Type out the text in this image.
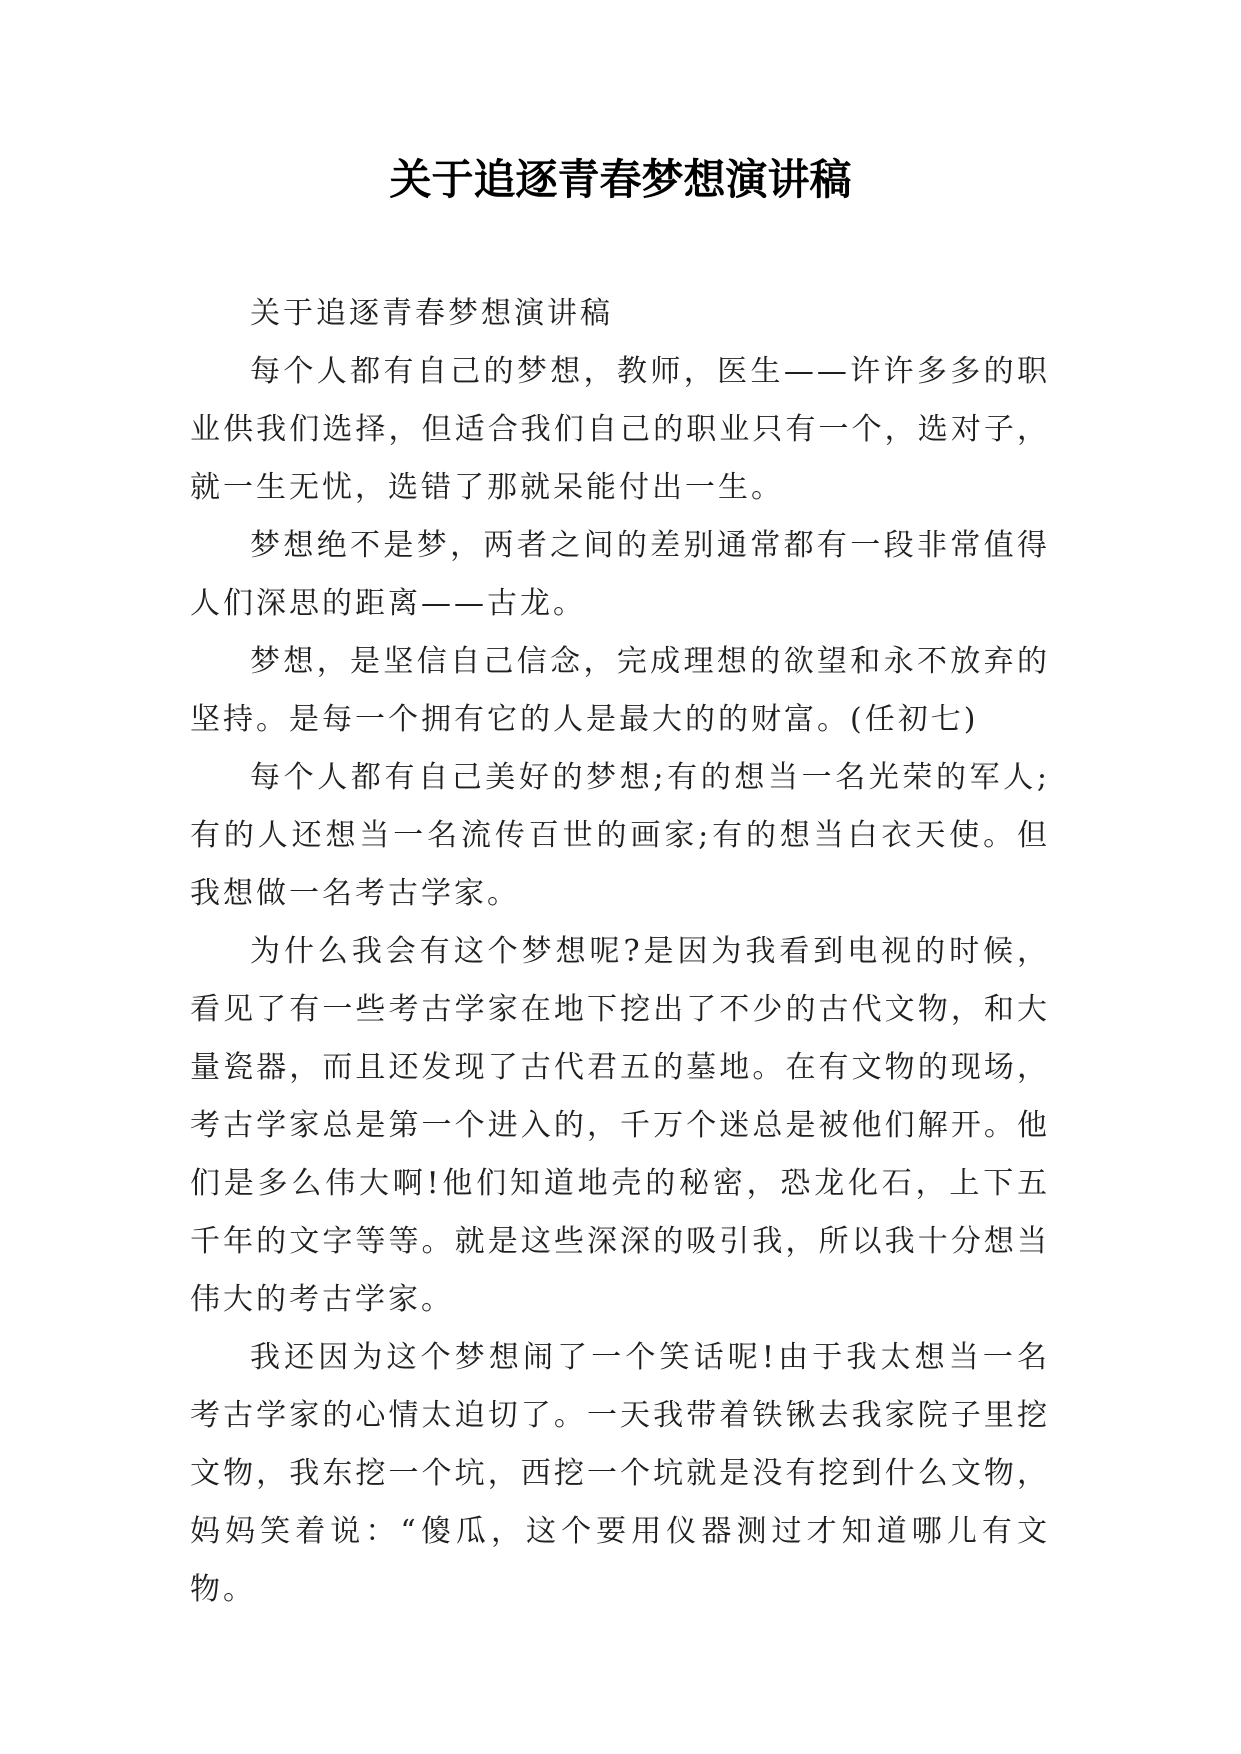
关于追逐青春梦想演讲稿

关于追逐青春梦想演讲稿

每个人都有自己的梦想，教师，医生——许许多多的职业供我们选择，但适合我们自己的职业只有一个，选对子，就一生无忧，选错了那就呆能付出一生。

梦想绝不是梦，两者之间的差别通常都有一段非常值得人们深思的距离——古龙。

梦想，是坚信自己信念，完成理想的欲望和永不放弃的坚持。是每一个拥有它的人是最大的的财富。(任初七)

每个人都有自己美好的梦想;有的想当一名光荣的军人;有的人还想当一名流传百世的画家;有的想当白衣天使。但我想做一名考古学家。

为什么我会有这个梦想呢?是因为我看到电视的时候，看见了有一些考古学家在地下挖出了不少的古代文物，和大量瓷器，而且还发现了古代君五的墓地。在有文物的现场，考古学家总是第一个进入的，千万个迷总是被他们解开。他们是多么伟大啊!他们知道地壳的秘密，恐龙化石，上下五千年的文字等等。就是这些深深的吸引我，所以我十分想当伟大的考古学家。

我还因为这个梦想闹了一个笑话呢!由于我太想当一名考古学家的心情太迫切了。一天我带着铁锹去我家院子里挖文物，我东挖一个坑，西挖一个坑就是没有挖到什么文物，妈妈笑着说：“傻瓜，这个要用仪器测过才知道哪儿有文物。
